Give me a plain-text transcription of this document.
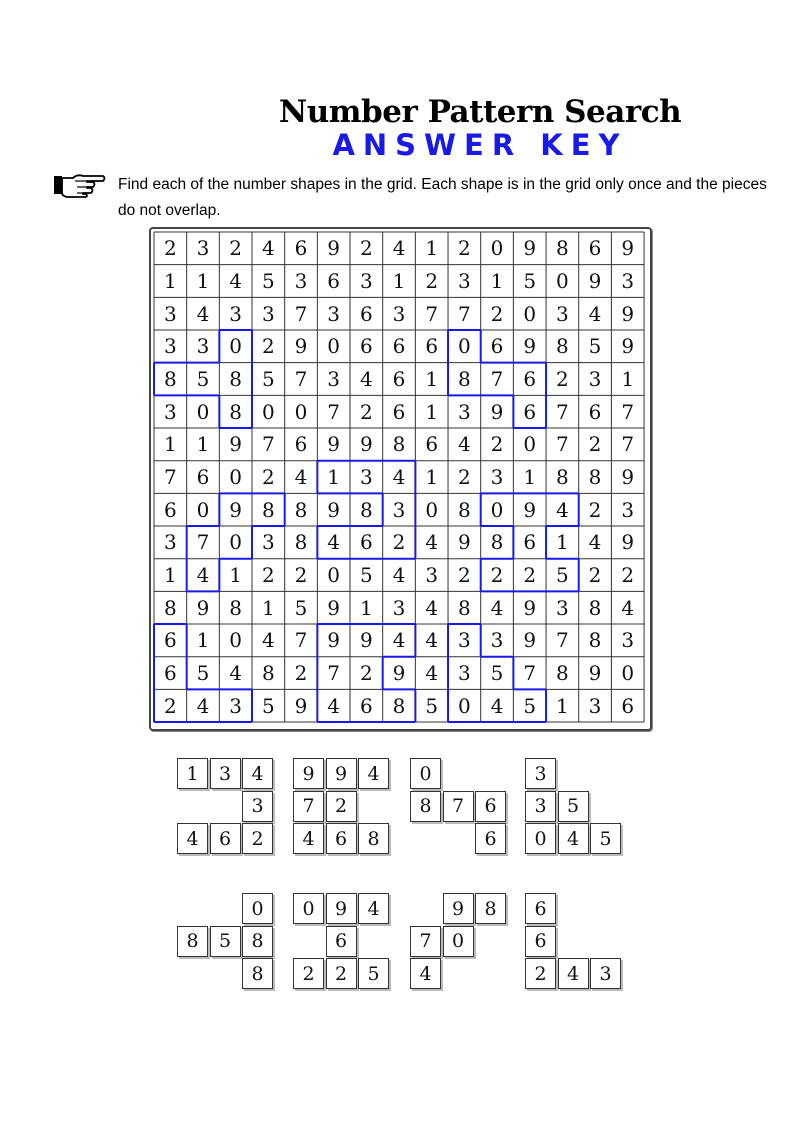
Number Pattern Search
ANSWER KEY
Find each of the number shapes in the grid. Each shape is in the grid only once and the pieces do not overlap.
2 3 2 4 6 9 2 4 1 2 0 9 8 6 9
1 1 4 5 3 6 3 1 2 3 1 5 0 9 3
3 4 3 3 7 3 6 3 7 7 2 0 3 4 9
3 3 0 2 9 0 6 6 6 0 6 9 8 5 9
8 5 8 5 7 3 4 6 1 8 7 6 2 3 1
3 0 8 0 0 7 2 6 1 3 9 6 7 6 7
1 1 9 7 6 9 9 8 6 4 2 0 7 2 7
7 6 0 2 4 1 3 4 1 2 3 1 8 8 9
6 0 9 8 8 9 8 3 0 8 0 9 4 2 3
3 7 0 3 8 4 6 2 4 9 8 6 1 4 9
1 4 1 2 2 0 5 4 3 2 2 2 5 2 2
8 9 8 1 5 9 1 3 4 8 4 9 3 8 4
6 1 0 4 7 9 9 4 4 3 3 9 7 8 3
6 5 4 8 2 7 2 9 4 3 5 7 8 9 0
2 4 3 5 9 4 6 8 5 0 4 5 1 3 6
1	3	4
3
4	6	2
9	9	4
7	2
4	6	8
0
8	7	6
6
3
3	5
0	4	5
0
8	5	8
8
0	9	4
6
2	2	5
9	8
7	0
4
6
6
2	4	3
